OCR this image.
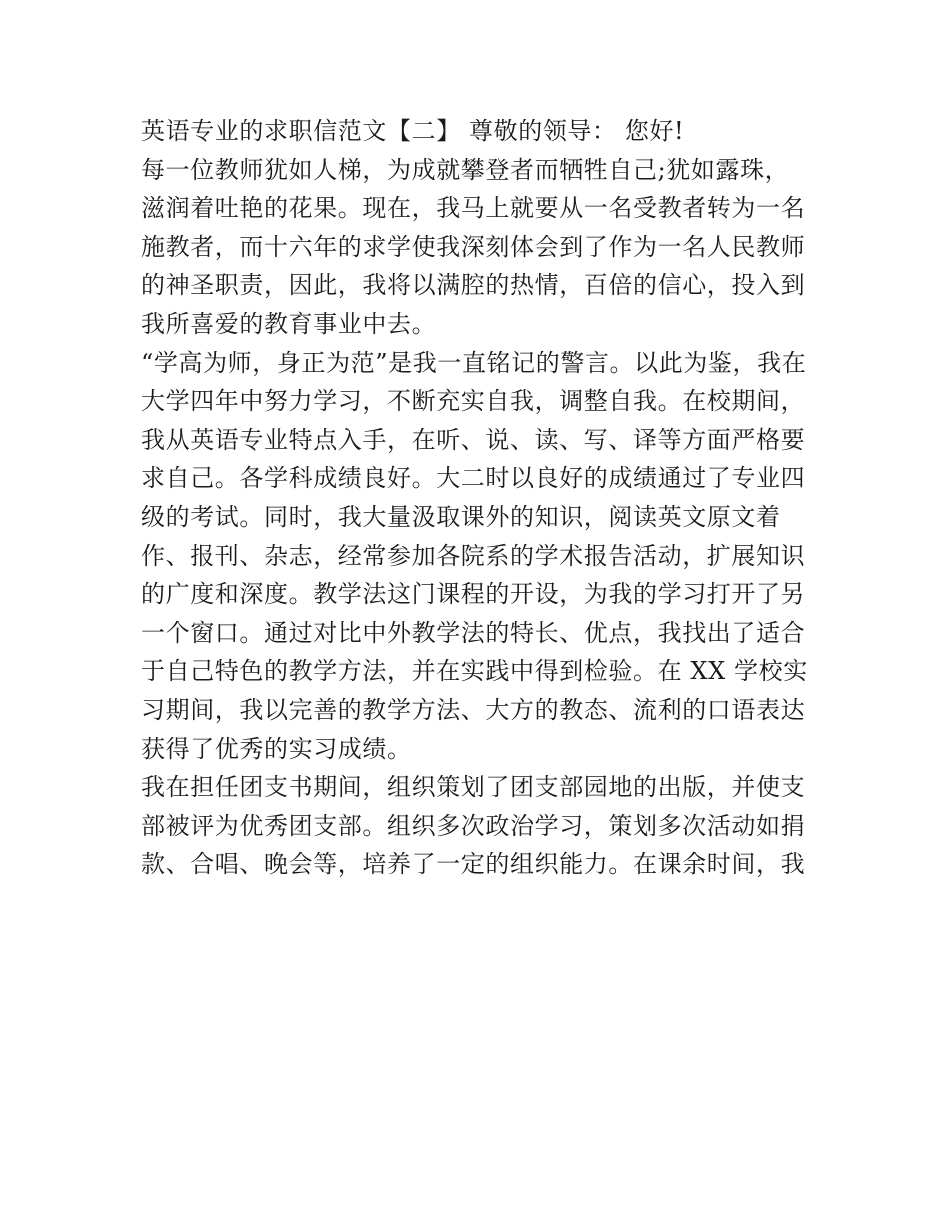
英语专业的求职信范文【二】 尊敬的领导： 您好!
每一位教师犹如人梯，为成就攀登者而牺牲自己;犹如露珠，
滋润着吐艳的花果。现在，我马上就要从一名受教者转为一名
施教者，而十六年的求学使我深刻体会到了作为一名人民教师
的神圣职责，因此，我将以满腔的热情，百倍的信心，投入到
我所喜爱的教育事业中去。
“学高为师，身正为范”是我一直铭记的警言。以此为鉴，我在
大学四年中努力学习，不断充实自我，调整自我。在校期间，
我从英语专业特点入手，在听、说、读、写、译等方面严格要
求自己。各学科成绩良好。大二时以良好的成绩通过了专业四
级的考试。同时，我大量汲取课外的知识，阅读英文原文着
作、报刊、杂志，经常参加各院系的学术报告活动，扩展知识
的广度和深度。教学法这门课程的开设，为我的学习打开了另
一个窗口。通过对比中外教学法的特长、优点，我找出了适合
于自己特色的教学方法，并在实践中得到检验。在 XX 学校实
习期间，我以完善的教学方法、大方的教态、流利的口语表达
获得了优秀的实习成绩。
我在担任团支书期间，组织策划了团支部园地的出版，并使支
部被评为优秀团支部。组织多次政治学习，策划多次活动如捐
款、合唱、晚会等，培养了一定的组织能力。在课余时间，我
